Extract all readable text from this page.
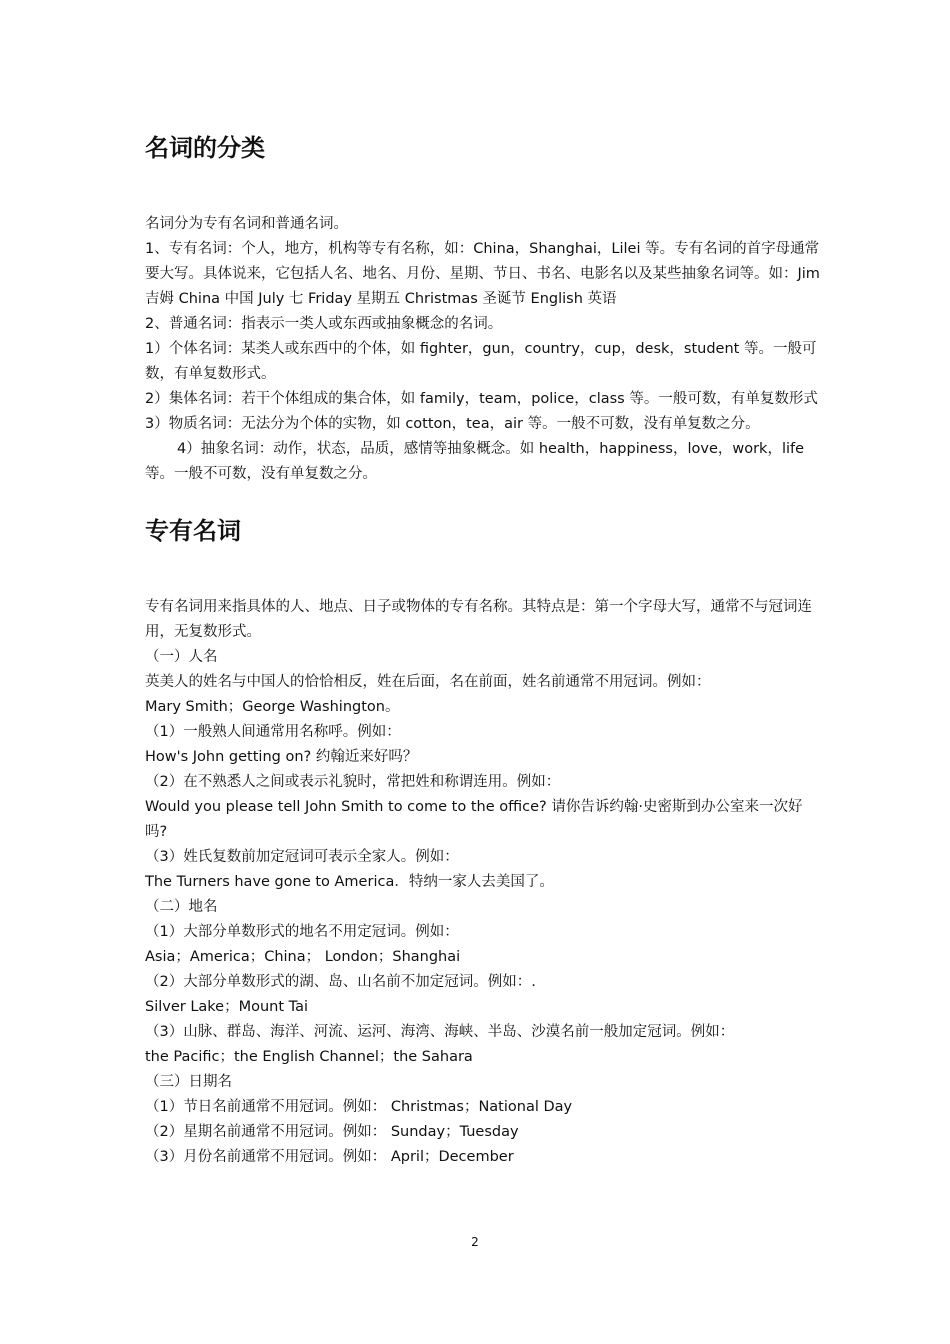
名词的分类

名词分为专有名词和普通名词。

1、专有名词：个人，地方，机构等专有名称，如：China，Shanghai，Lilei 等。专有名词的首字母通常要大写。具体说来，它包括人名、地名、月份、星期、节日、书名、电影名以及某些抽象名词等。如：Jim 吉姆 China 中国 July 七 Friday 星期五 Christmas 圣诞节 English 英语

2、普通名词：指表示一类人或东西或抽象概念的名词。

1）个体名词：某类人或东西中的个体，如 fighter，gun，country，cup，desk，student 等。一般可数，有单复数形式。

2）集体名词：若干个体组成的集合体，如 family，team，police，class 等。一般可数，有单复数形式

3）物质名词：无法分为个体的实物，如 cotton，tea，air 等。一般不可数，没有单复数之分。

4）抽象名词：动作，状态，品质，感情等抽象概念。如 health，happiness，love，work，life 等。一般不可数，没有单复数之分。

专有名词

专有名词用来指具体的人、地点、日子或物体的专有名称。其特点是：第一个字母大写，通常不与冠词连用，无复数形式。

（一）人名

英美人的姓名与中国人的恰恰相反，姓在后面，名在前面，姓名前通常不用冠词。例如：

Mary Smith；George Washington。

（1）一般熟人间通常用名称呼。例如：

How's John getting on? 约翰近来好吗？

（2）在不熟悉人之间或表示礼貌时，常把姓和称谓连用。例如：

Would you please tell John Smith to come to the office? 请你告诉约翰·史密斯到办公室来一次好吗?

（3）姓氏复数前加定冠词可表示全家人。例如：

The Turners have gone to America．特纳一家人去美国了。

（二）地名

（1）大部分单数形式的地名不用定冠词。例如：

Asia；America；China； London；Shanghai

（2）大部分单数形式的湖、岛、山名前不加定冠词。例如：.

Silver Lake；Mount Tai

（3）山脉、群岛、海洋、河流、运河、海湾、海峡、半岛、沙漠名前一般加定冠词。例如：

the Pacific；the English Channel；the Sahara

（三）日期名

（1）节日名前通常不用冠词。例如： Christmas；National Day

（2）星期名前通常不用冠词。例如： Sunday；Tuesday

（3）月份名前通常不用冠词。例如： April；December

2
